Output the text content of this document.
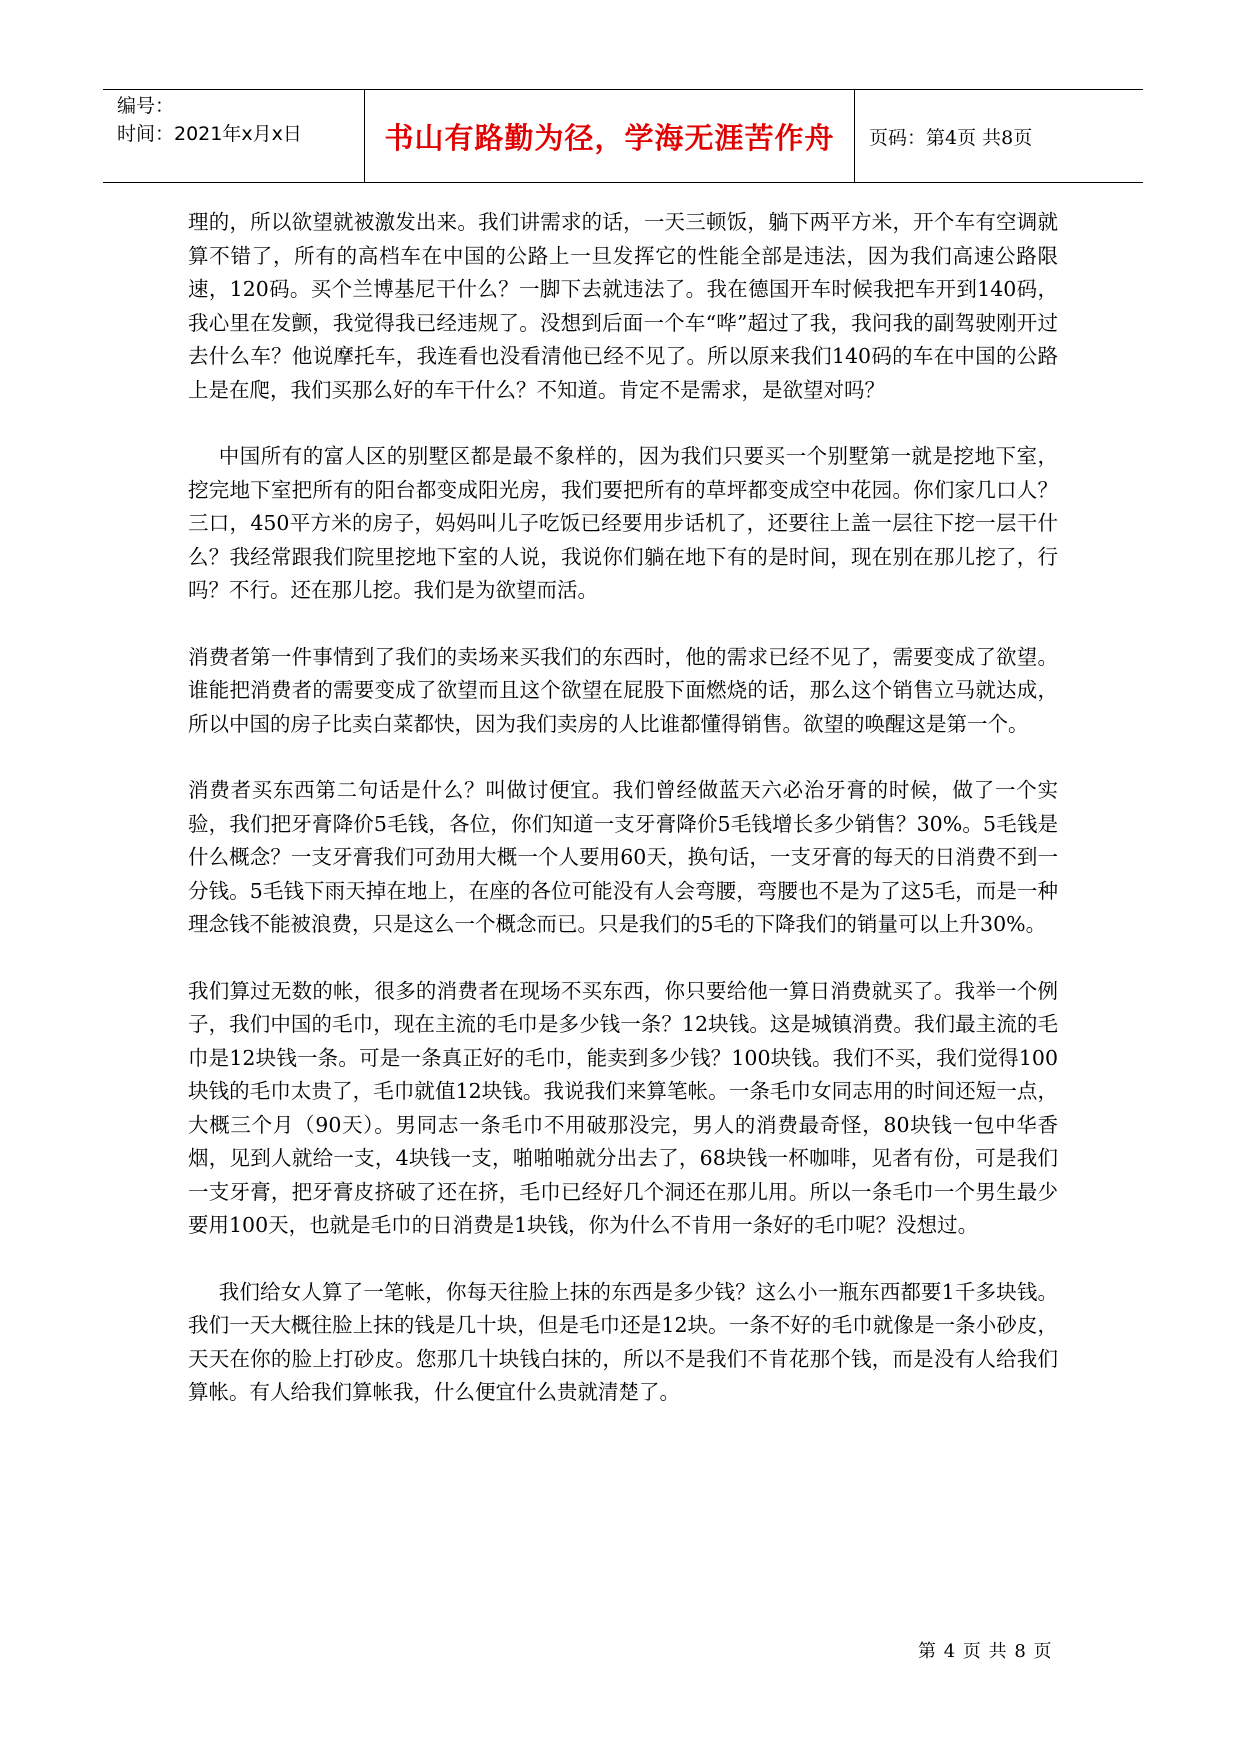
编号：
时间：2021年x月x日	书山有路勤为径，学海无涯苦作舟	页码：第4页 共8页

理的，所以欲望就被激发出来。我们讲需求的话，一天三顿饭，躺下两平方米，开个车有空调就算不错了，所有的高档车在中国的公路上一旦发挥它的性能全部是违法，因为我们高速公路限速，120码。买个兰博基尼干什么？一脚下去就违法了。我在德国开车时候我把车开到140码，我心里在发颤，我觉得我已经违规了。没想到后面一个车“哗”超过了我，我问我的副驾驶刚开过去什么车？他说摩托车，我连看也没看清他已经不见了。所以原来我们140码的车在中国的公路上是在爬，我们买那么好的车干什么？不知道。肯定不是需求，是欲望对吗？

中国所有的富人区的别墅区都是最不象样的，因为我们只要买一个别墅第一就是挖地下室，挖完地下室把所有的阳台都变成阳光房，我们要把所有的草坪都变成空中花园。你们家几口人？三口，450平方米的房子，妈妈叫儿子吃饭已经要用步话机了，还要往上盖一层往下挖一层干什么？我经常跟我们院里挖地下室的人说，我说你们躺在地下有的是时间，现在别在那儿挖了，行吗？不行。还在那儿挖。我们是为欲望而活。

消费者第一件事情到了我们的卖场来买我们的东西时，他的需求已经不见了，需要变成了欲望。谁能把消费者的需要变成了欲望而且这个欲望在屁股下面燃烧的话，那么这个销售立马就达成，所以中国的房子比卖白菜都快，因为我们卖房的人比谁都懂得销售。欲望的唤醒这是第一个。

消费者买东西第二句话是什么？叫做讨便宜。我们曾经做蓝天六必治牙膏的时候，做了一个实验，我们把牙膏降价5毛钱，各位，你们知道一支牙膏降价5毛钱增长多少销售？30%。5毛钱是什么概念？一支牙膏我们可劲用大概一个人要用60天，换句话，一支牙膏的每天的日消费不到一分钱。5毛钱下雨天掉在地上，在座的各位可能没有人会弯腰，弯腰也不是为了这5毛，而是一种理念钱不能被浪费，只是这么一个概念而已。只是我们的5毛的下降我们的销量可以上升30%。

我们算过无数的帐，很多的消费者在现场不买东西，你只要给他一算日消费就买了。我举一个例子，我们中国的毛巾，现在主流的毛巾是多少钱一条？12块钱。这是城镇消费。我们最主流的毛巾是12块钱一条。可是一条真正好的毛巾，能卖到多少钱？100块钱。我们不买，我们觉得100块钱的毛巾太贵了，毛巾就值12块钱。我说我们来算笔帐。一条毛巾女同志用的时间还短一点，大概三个月（90天）。男同志一条毛巾不用破那没完，男人的消费最奇怪，80块钱一包中华香烟，见到人就给一支，4块钱一支，啪啪啪就分出去了，68块钱一杯咖啡，见者有份，可是我们一支牙膏，把牙膏皮挤破了还在挤，毛巾已经好几个洞还在那儿用。所以一条毛巾一个男生最少要用100天，也就是毛巾的日消费是1块钱，你为什么不肯用一条好的毛巾呢？没想过。

我们给女人算了一笔帐，你每天往脸上抹的东西是多少钱？这么小一瓶东西都要1千多块钱。我们一天大概往脸上抹的钱是几十块，但是毛巾还是12块。一条不好的毛巾就像是一条小砂皮，天天在你的脸上打砂皮。您那几十块钱白抹的，所以不是我们不肯花那个钱，而是没有人给我们算帐。有人给我们算帐我，什么便宜什么贵就清楚了。

第 4 页 共 8 页
